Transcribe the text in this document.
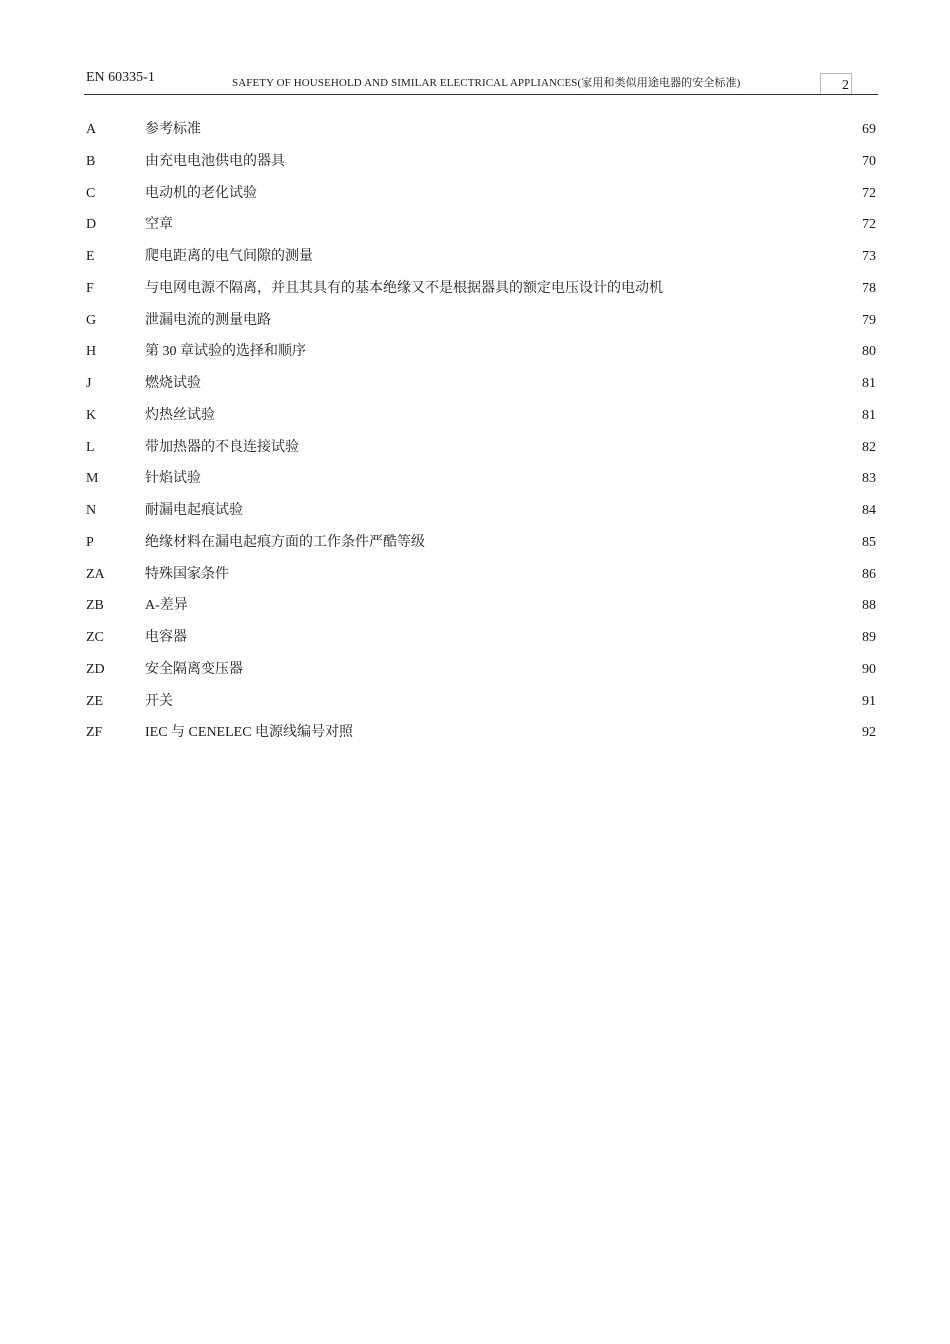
EN 60335-1	SAFETY OF HOUSEHOLD AND SIMILAR ELECTRICAL APPLIANCES(家用和类似用途电器的安全标准)	2
A	参考标准	69
B	由充电电池供电的器具	70
C	电动机的老化试验	72
D	空章	72
E	爬电距离的电气间隙的测量	73
F	与电网电源不隔离，并且其具有的基本绝缘又不是根据器具的额定电压设计的电动机	78
G	泄漏电流的测量电路	79
H	第 30 章试验的选择和顺序	80
J	燃烧试验	81
K	灼热丝试验	81
L	带加热器的不良连接试验	82
M	针焰试验	83
N	耐漏电起痕试验	84
P	绝缘材料在漏电起痕方面的工作条件严酷等级	85
ZA	特殊国家条件	86
ZB	A-差异	88
ZC	电容器	89
ZD	安全隔离变压器	90
ZE	开关	91
ZF	IEC 与 CENELEC 电源线编号对照	92
